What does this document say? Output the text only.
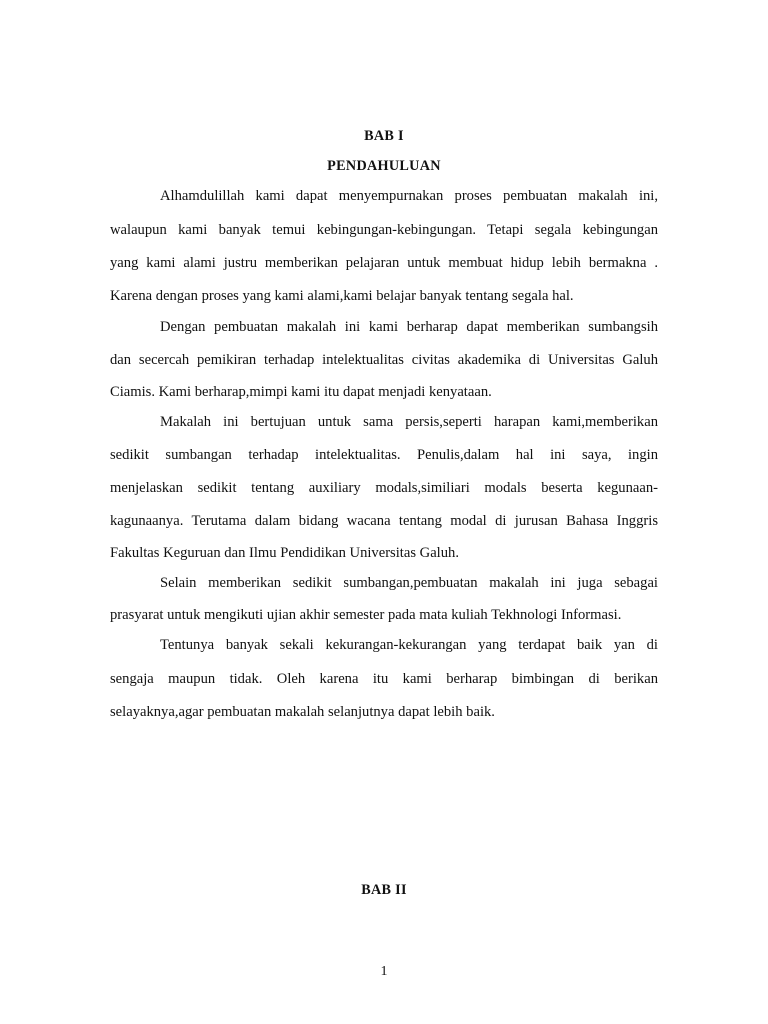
BAB I
PENDAHULUAN
Alhamdulillah kami dapat menyempurnakan proses pembuatan makalah ini,
walaupun kami banyak temui kebingungan-kebingungan. Tetapi segala kebingungan
yang kami alami justru memberikan pelajaran untuk membuat hidup lebih bermakna .
Karena dengan proses yang kami alami,kami belajar banyak tentang segala hal.
Dengan pembuatan makalah ini kami berharap dapat memberikan sumbangsih
dan secercah pemikiran terhadap intelektualitas civitas akademika di Universitas Galuh
Ciamis. Kami berharap,mimpi kami itu dapat menjadi kenyataan.
Makalah ini bertujuan untuk sama persis,seperti harapan kami,memberikan
sedikit sumbangan terhadap intelektualitas. Penulis,dalam hal ini saya, ingin
menjelaskan sedikit tentang auxiliary modals,similiari modals beserta kegunaan-
kagunaanya. Terutama dalam bidang wacana tentang modal di jurusan Bahasa Inggris
Fakultas Keguruan dan Ilmu Pendidikan Universitas Galuh.
Selain memberikan sedikit sumbangan,pembuatan makalah ini juga sebagai
prasyarat untuk mengikuti ujian akhir semester pada mata kuliah Tekhnologi Informasi.
Tentunya banyak sekali kekurangan-kekurangan yang terdapat baik yan di
sengaja maupun tidak. Oleh karena itu kami berharap bimbingan di berikan
selayaknya,agar pembuatan makalah selanjutnya dapat lebih baik.
BAB II
1
